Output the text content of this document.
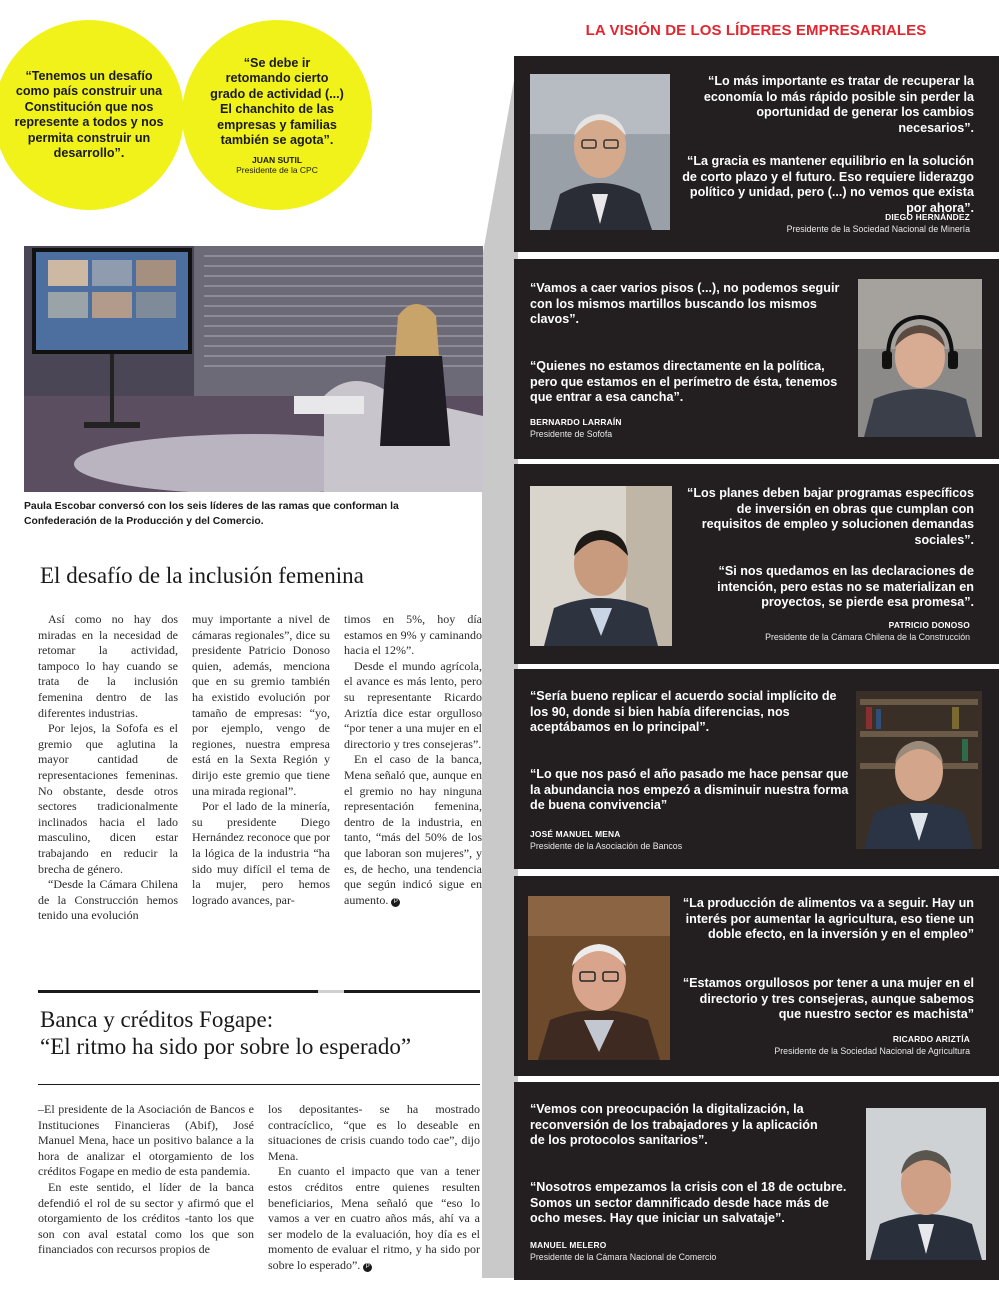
“Tenemos un desafío como país construir una Constitución que nos represente a todos y nos permita construir un desarrollo”.
“Se debe ir retomando cierto grado de actividad (...) El chanchito de las empresas y familias también se agota”.
JUAN SUTIL
Presidente de la CPC
LA VISIÓN DE LOS LÍDERES EMPRESARIALES
“Lo más importante es tratar de recuperar la economía lo más rápido posible sin perder la oportunidad de generar los cambios necesarios”.
“La gracia es mantener equilibrio en la solución de corto plazo y el futuro. Eso requiere liderazgo político y unidad, pero (...) no vemos que exista por ahora”.
DIEGO HERNÁNDEZ
Presidente de la Sociedad Nacional de Minería
“Vamos a caer varios pisos (...), no podemos seguir con los mismos martillos buscando los mismos clavos”.
“Quienes no estamos directamente en la política, pero que estamos en el perímetro de ésta, tenemos que entrar a esa cancha”.
BERNARDO LARRAÍN
Presidente de Sofofa
“Los planes deben bajar programas específicos de inversión en obras que cumplan con requisitos de empleo y solucionen demandas sociales”.
“Si nos quedamos en las declaraciones de intención, pero estas no se materializan en proyectos, se pierde esa promesa”.
PATRICIO DONOSO
Presidente de la Cámara Chilena de la Construcción
“Sería bueno replicar el acuerdo social implícito de los 90, donde si bien había diferencias, nos aceptábamos en lo principal”.
“Lo que nos pasó el año pasado me hace pensar que la abundancia nos empezó a disminuir nuestra forma de buena convivencia”
JOSÉ MANUEL MENA
Presidente de la Asociación de Bancos
“La producción de alimentos va a seguir. Hay un interés por aumentar la agricultura, eso tiene un doble efecto, en la inversión y en el empleo”
“Estamos orgullosos por tener a una mujer en el directorio y tres consejeras, aunque sabemos que nuestro sector es machista”
RICARDO ARIZTÍA
Presidente de la Sociedad Nacional de Agricultura
“Vemos con preocupación la digitalización, la reconversión de los trabajadores y la aplicación de los protocolos sanitarios”.
“Nosotros empezamos la crisis con el 18 de octubre. Somos un sector damnificado desde hace más de ocho meses. Hay que iniciar un salvataje”.
MANUEL MELERO
Presidente de la Cámara Nacional de Comercio
Paula Escobar conversó con los seis líderes de las ramas que conforman la Confederación de la Producción y del Comercio.
El desafío de la inclusión femenina

Así como no hay dos miradas en la necesidad de retomar la actividad, tampoco lo hay cuando se trata de la inclusión femenina dentro de las diferentes industrias.

Por lejos, la Sofofa es el gremio que aglutina la mayor cantidad de representaciones femeninas. No obstante, desde otros sectores tradicionalmente inclinados hacia el lado masculino, dicen estar trabajando en reducir la brecha de género.

“Desde la Cámara Chilena de la Construcción hemos tenido una evolución

muy importante a nivel de cámaras regionales”, dice su presidente Patricio Donoso quien, además, menciona que en su gremio también ha existido evolución por tamaño de empresas: “yo, por ejemplo, vengo de regiones, nuestra empresa está en la Sexta Región y dirijo este gremio que tiene una mirada regional”.

Por el lado de la minería, su presidente Diego Hernández reconoce que por la lógica de la industria “ha sido muy difícil el tema de la mujer, pero hemos logrado avances, par-

timos en 5%, hoy día estamos en 9% y caminando hacia el 12%”.

Desde el mundo agrícola, el avance es más lento, pero su representante Ricardo Ariztía dice estar orgulloso “por tener a una mujer en el directorio y tres consejeras”.

En el caso de la banca, Mena señaló que, aunque en el gremio no hay ninguna representación femenina, dentro de la industria, en tanto, “más del 50% de los que laboran son mujeres”, y es, de hecho, una tendencia que según indicó sigue en aumento. P

Banca y créditos Fogape:
“El ritmo ha sido por sobre lo esperado”

–El presidente de la Asociación de Bancos e Instituciones Financieras (Abif), José Manuel Mena, hace un positivo balance a la hora de analizar el otorgamiento de los créditos Fogape en medio de esta pandemia.

En este sentido, el líder de la banca defendió el rol de su sector y afirmó que el otorgamiento de los créditos -tanto los que son con aval estatal como los que son financiados con recursos propios de

los depositantes- se ha mostrado contracíclico, “que es lo deseable en situaciones de crisis cuando todo cae”, dijo Mena.

En cuanto el impacto que van a tener estos créditos entre quienes resulten beneficiarios, Mena señaló que “eso lo vamos a ver en cuatro años más, ahí va a ser modelo de la evaluación, hoy día es el momento de evaluar el ritmo, y ha sido por sobre lo esperado”. P
